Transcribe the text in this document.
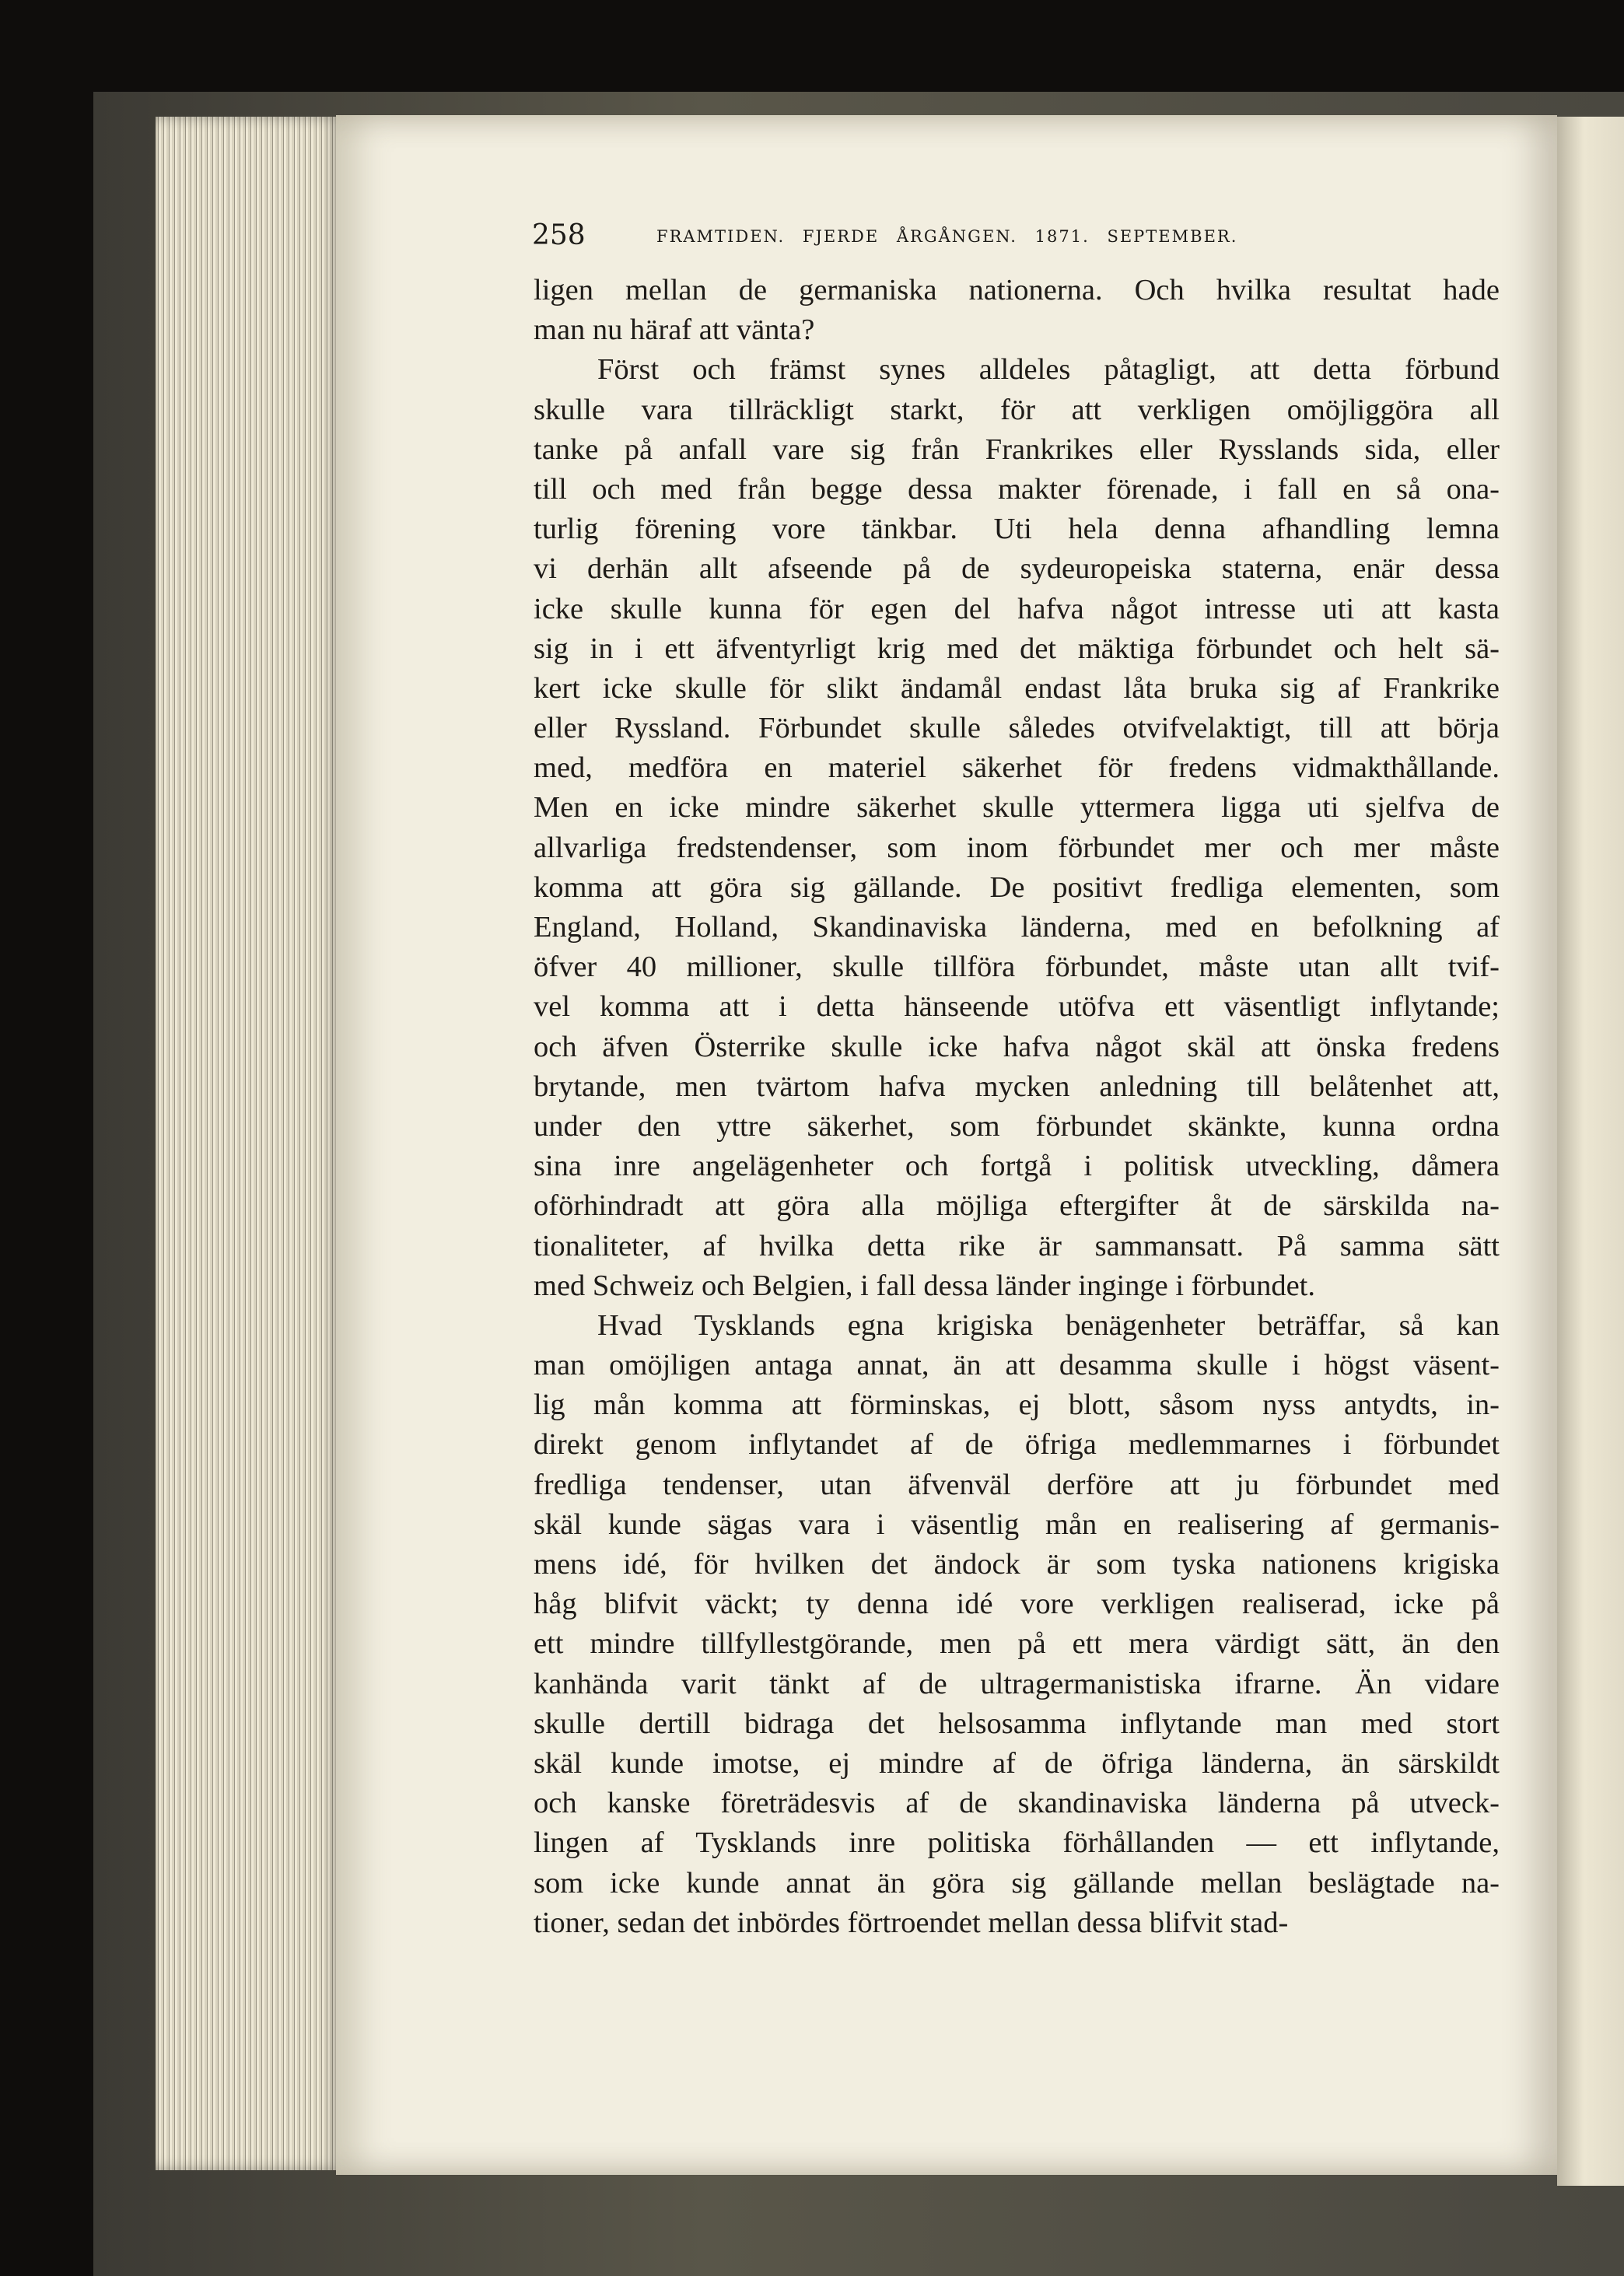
258	FRAMTIDEN. FJERDE ÅRGÅNGEN. 1871. SEPTEMBER.
ligen mellan de germaniska nationerna. Och hvilka resultat hade
man nu häraf att vänta?
Först och främst synes alldeles påtagligt, att detta förbund
skulle vara tillräckligt starkt, för att verkligen omöjliggöra all
tanke på anfall vare sig från Frankrikes eller Rysslands sida, eller
till och med från begge dessa makter förenade, i fall en så ona-
turlig förening vore tänkbar. Uti hela denna afhandling lemna
vi derhän allt afseende på de sydeuropeiska staterna, enär dessa
icke skulle kunna för egen del hafva något intresse uti att kasta
sig in i ett äfventyrligt krig med det mäktiga förbundet och helt sä-
kert icke skulle för slikt ändamål endast låta bruka sig af Frankrike
eller Ryssland. Förbundet skulle således otvifvelaktigt, till att börja
med, medföra en materiel säkerhet för fredens vidmakthållande.
Men en icke mindre säkerhet skulle yttermera ligga uti sjelfva de
allvarliga fredstendenser, som inom förbundet mer och mer måste
komma att göra sig gällande. De positivt fredliga elementen, som
England, Holland, Skandinaviska länderna, med en befolkning af
öfver 40 millioner, skulle tillföra förbundet, måste utan allt tvif-
vel komma att i detta hänseende utöfva ett väsentligt inflytande;
och äfven Österrike skulle icke hafva något skäl att önska fredens
brytande, men tvärtom hafva mycken anledning till belåtenhet att,
under den yttre säkerhet, som förbundet skänkte, kunna ordna
sina inre angelägenheter och fortgå i politisk utveckling, dåmera
oförhindradt att göra alla möjliga eftergifter åt de särskilda na-
tionaliteter, af hvilka detta rike är sammansatt. På samma sätt
med Schweiz och Belgien, i fall dessa länder inginge i förbundet.
Hvad Tysklands egna krigiska benägenheter beträffar, så kan
man omöjligen antaga annat, än att desamma skulle i högst väsent-
lig mån komma att förminskas, ej blott, såsom nyss antydts, in-
direkt genom inflytandet af de öfriga medlemmarnes i förbundet
fredliga tendenser, utan äfvenväl derföre att ju förbundet med
skäl kunde sägas vara i väsentlig mån en realisering af germanis-
mens idé, för hvilken det ändock är som tyska nationens krigiska
håg blifvit väckt; ty denna idé vore verkligen realiserad, icke på
ett mindre tillfyllestgörande, men på ett mera värdigt sätt, än den
kanhända varit tänkt af de ultragermanistiska ifrarne. Än vidare
skulle dertill bidraga det helsosamma inflytande man med stort
skäl kunde imotse, ej mindre af de öfriga länderna, än särskildt
och kanske företrädesvis af de skandinaviska länderna på utveck-
lingen af Tysklands inre politiska förhållanden — ett inflytande,
som icke kunde annat än göra sig gällande mellan beslägtade na-
tioner, sedan det inbördes förtroendet mellan dessa blifvit stad-
